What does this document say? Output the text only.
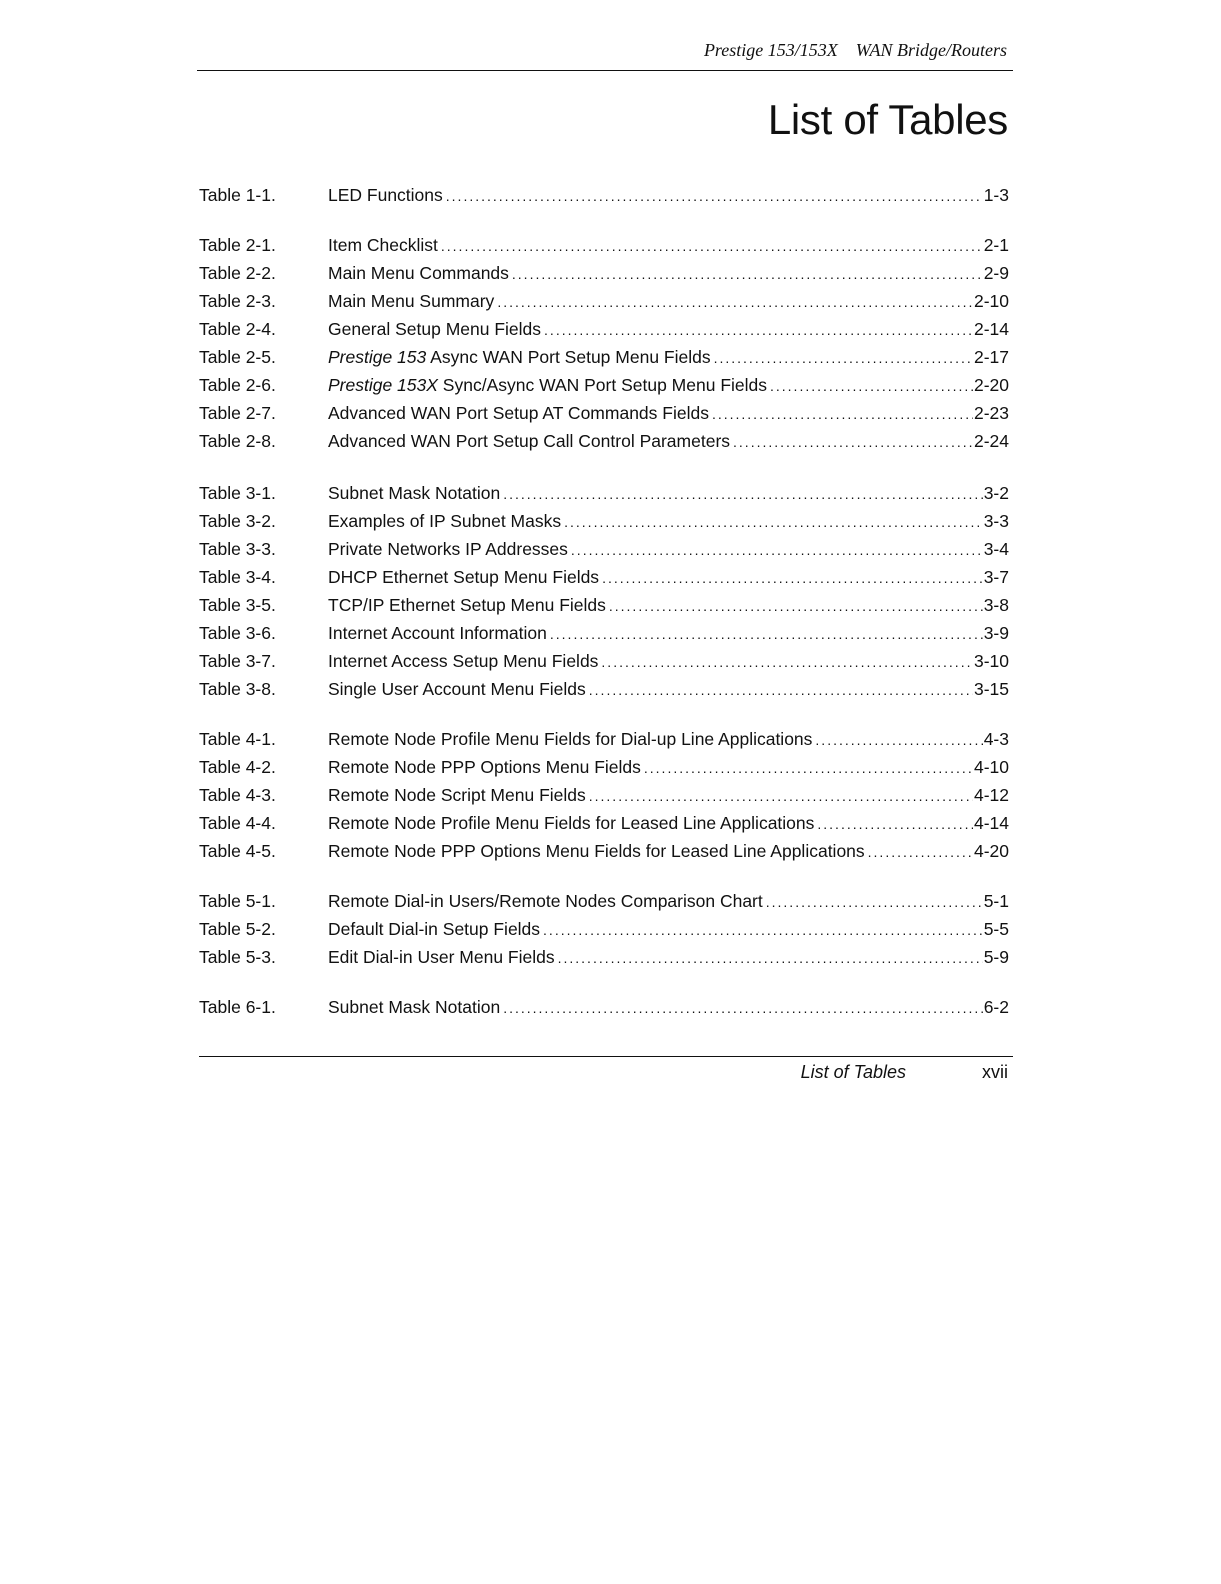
Prestige 153/153X WAN Bridge/Routers
List of Tables
Table 1-1.	LED Functions .....	1-3
Table 2-1.	Item Checklist .....	2-1
Table 2-2.	Main Menu Commands .....	2-9
Table 2-3.	Main Menu Summary .....	2-10
Table 2-4.	General Setup Menu Fields .....	2-14
Table 2-5.	Prestige 153 Async WAN Port Setup Menu Fields .....	2-17
Table 2-6.	Prestige 153X Sync/Async WAN Port Setup Menu Fields .....	2-20
Table 2-7.	Advanced WAN Port Setup AT Commands Fields .....	2-23
Table 2-8.	Advanced WAN Port Setup Call Control Parameters .....	2-24
Table 3-1.	Subnet Mask Notation .....	3-2
Table 3-2.	Examples of IP Subnet Masks .....	3-3
Table 3-3.	Private Networks IP Addresses .....	3-4
Table 3-4.	DHCP Ethernet Setup Menu Fields .....	3-7
Table 3-5.	TCP/IP Ethernet Setup Menu Fields .....	3-8
Table 3-6.	Internet Account Information .....	3-9
Table 3-7.	Internet Access Setup Menu Fields .....	3-10
Table 3-8.	Single User Account Menu Fields .....	3-15
Table 4-1.	Remote Node Profile Menu Fields for Dial-up Line Applications .....	4-3
Table 4-2.	Remote Node PPP Options Menu Fields .....	4-10
Table 4-3.	Remote Node Script Menu Fields .....	4-12
Table 4-4.	Remote Node Profile Menu Fields for Leased Line Applications .....	4-14
Table 4-5.	Remote Node PPP Options Menu Fields for Leased Line Applications .....	4-20
Table 5-1.	Remote Dial-in Users/Remote Nodes Comparison Chart .....	5-1
Table 5-2.	Default Dial-in Setup Fields .....	5-5
Table 5-3.	Edit Dial-in User Menu Fields .....	5-9
Table 6-1.	Subnet Mask Notation .....	6-2
List of Tables	xvii
